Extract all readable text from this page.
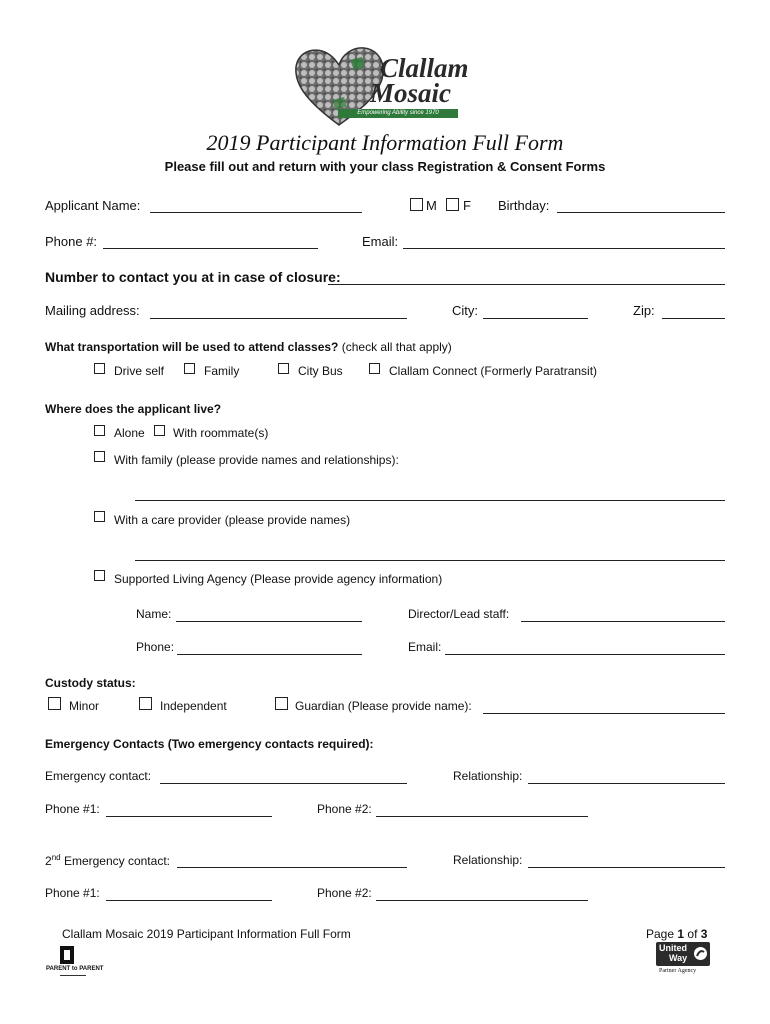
Clallam
Mosaic
Empowering Ability since 1970
2019 Participant Information Full Form
Please fill out and return with your class Registration & Consent Forms
Applicant Name:	M F Birthday:
Phone #:	Email:
Number to contact you at in case of closure:
Mailing address:	City:	Zip:
What transportation will be used to attend classes? (check all that apply)
Drive self	Family	City Bus	Clallam Connect (Formerly Paratransit)
Where does the applicant live?
Alone With roommate(s)
With family (please provide names and relationships):
With a care provider (please provide names)
Supported Living Agency (Please provide agency information)
Name:	Director/Lead staff:
Phone:	Email:
Custody status:
Minor	Independent	Guardian (Please provide name):
Emergency Contacts (Two emergency contacts required):
Emergency contact:	Relationship:
Phone #1:	Phone #2:
2nd Emergency contact:	Relationship:
Phone #1:	Phone #2:
Clallam Mosaic 2019 Participant Information Full Form	Page 1 of 3
PARENT to PARENT
United
Way
Partner Agency
